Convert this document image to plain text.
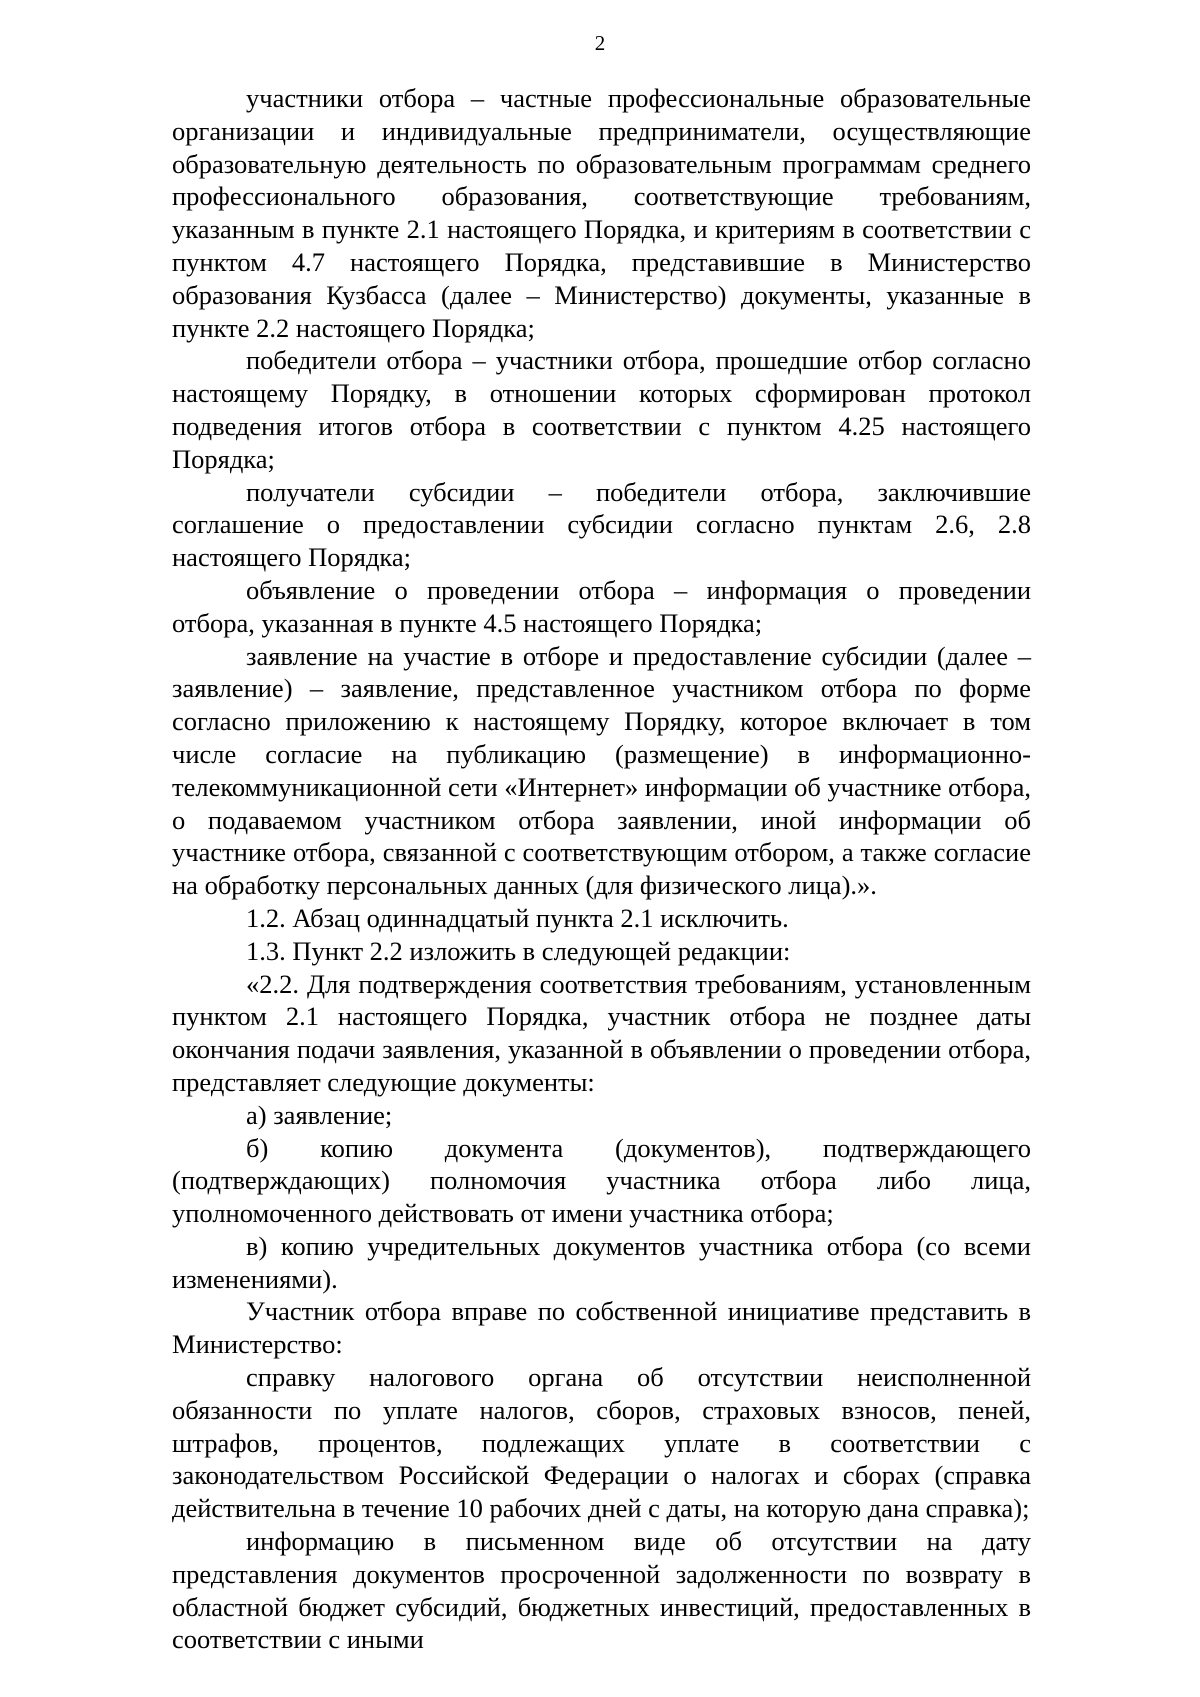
2

участники отбора – частные профессиональные образовательные организации и индивидуальные предприниматели, осуществляющие образовательную деятельность по образовательным программам среднего профессионального образования, соответствующие требованиям, указанным в пункте 2.1 настоящего Порядка, и критериям в соответствии с пунктом 4.7 настоящего Порядка, представившие в Министерство образования Кузбасса (далее – Министерство) документы, указанные в пункте 2.2 настоящего Порядка;

победители отбора – участники отбора, прошедшие отбор согласно настоящему Порядку, в отношении которых сформирован протокол подведения итогов отбора в соответствии с пунктом 4.25 настоящего Порядка;

получатели субсидии – победители отбора, заключившие соглашение о предоставлении субсидии согласно пунктам 2.6, 2.8 настоящего Порядка;

объявление о проведении отбора – информация о проведении отбора, указанная в пункте 4.5 настоящего Порядка;

заявление на участие в отборе и предоставление субсидии (далее – заявление) – заявление, представленное участником отбора по форме согласно приложению к настоящему Порядку, которое включает в том числе согласие на публикацию (размещение) в информационно-телекоммуникационной сети «Интернет» информации об участнике отбора, о подаваемом участником отбора заявлении, иной информации об участнике отбора, связанной с соответствующим отбором, а также согласие на обработку персональных данных (для физического лица).».

1.2. Абзац одиннадцатый пункта 2.1 исключить.

1.3. Пункт 2.2 изложить в следующей редакции:

«2.2. Для подтверждения соответствия требованиям, установленным пунктом 2.1 настоящего Порядка, участник отбора не позднее даты окончания подачи заявления, указанной в объявлении о проведении отбора, представляет следующие документы:

а) заявление;

б) копию документа (документов), подтверждающего (подтверждающих) полномочия участника отбора либо лица, уполномоченного действовать от имени участника отбора;

в) копию учредительных документов участника отбора (со всеми изменениями).

Участник отбора вправе по собственной инициативе представить в Министерство:

справку налогового органа об отсутствии неисполненной обязанности по уплате налогов, сборов, страховых взносов, пеней, штрафов, процентов, подлежащих уплате в соответствии с законодательством Российской Федерации о налогах и сборах (справка действительна в течение 10 рабочих дней с даты, на которую дана справка);

информацию в письменном виде об отсутствии на дату представления документов просроченной задолженности по возврату в областной бюджет субсидий, бюджетных инвестиций, предоставленных в соответствии с иными
